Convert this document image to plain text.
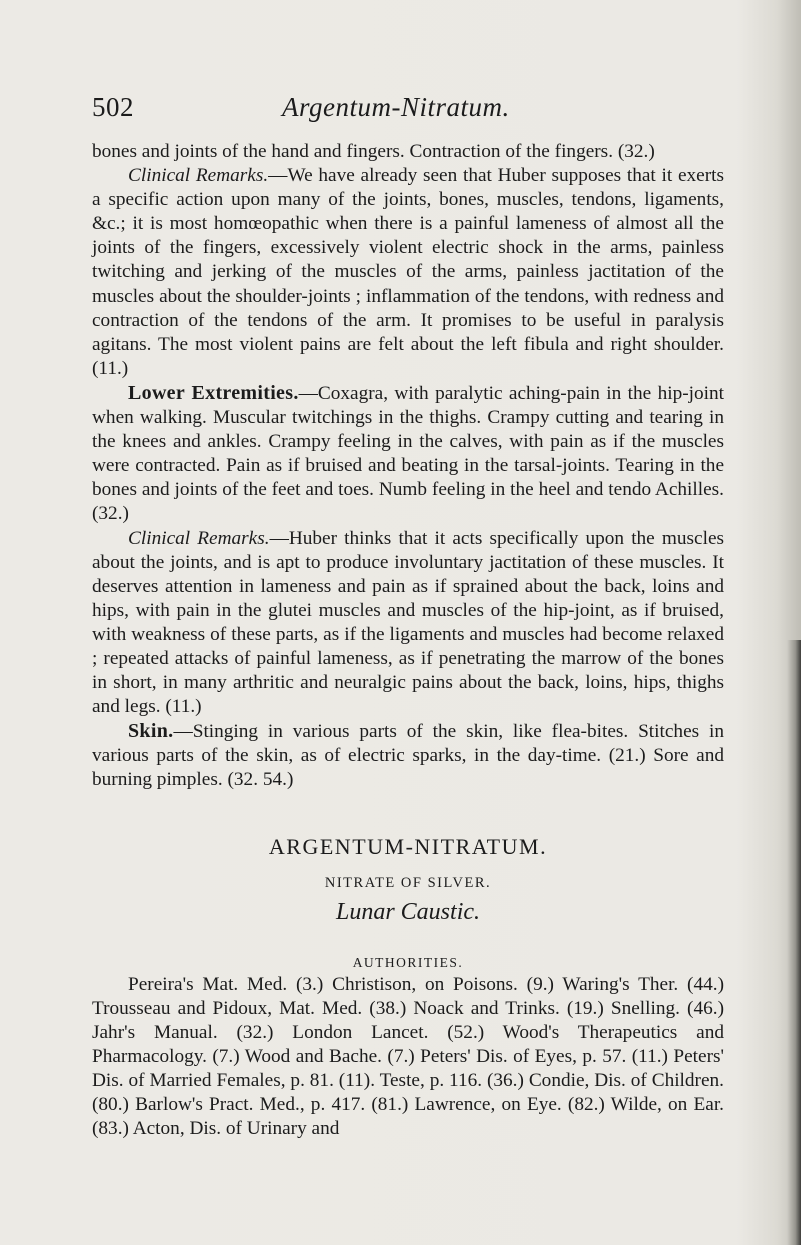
502	Argentum-Nitratum.

bones and joints of the hand and fingers. Contraction of the fingers. (32.)

Clinical Remarks.—We have already seen that Huber supposes that it exerts a specific action upon many of the joints, bones, muscles, tendons, ligaments, &c.; it is most homœopathic when there is a painful lameness of almost all the joints of the fingers, excessively violent electric shock in the arms, painless twitching and jerking of the muscles of the arms, painless jactitation of the muscles about the shoulder-joints ; inflammation of the tendons, with redness and contraction of the tendons of the arm. It promises to be useful in paralysis agitans. The most violent pains are felt about the left fibula and right shoulder. (11.)

Lower Extremities.—Coxagra, with paralytic aching-pain in the hip-joint when walking. Muscular twitchings in the thighs. Crampy cutting and tearing in the knees and ankles. Crampy feeling in the calves, with pain as if the muscles were contracted. Pain as if bruised and beating in the tarsal-joints. Tearing in the bones and joints of the feet and toes. Numb feeling in the heel and tendo Achilles. (32.)

Clinical Remarks.—Huber thinks that it acts specifically upon the muscles about the joints, and is apt to produce involuntary jactitation of these muscles. It deserves attention in lameness and pain as if sprained about the back, loins and hips, with pain in the glutei muscles and muscles of the hip-joint, as if bruised, with weakness of these parts, as if the ligaments and muscles had become relaxed ; repeated attacks of painful lameness, as if penetrating the marrow of the bones in short, in many arthritic and neuralgic pains about the back, loins, hips, thighs and legs. (11.)

Skin.—Stinging in various parts of the skin, like flea-bites. Stitches in various parts of the skin, as of electric sparks, in the day-time. (21.) Sore and burning pimples. (32. 54.)

ARGENTUM-NITRATUM.
NITRATE OF SILVER.
Lunar Caustic.
AUTHORITIES.

Pereira's Mat. Med. (3.) Christison, on Poisons. (9.) Waring's Ther. (44.) Trousseau and Pidoux, Mat. Med. (38.) Noack and Trinks. (19.) Snelling. (46.) Jahr's Manual. (32.) London Lancet. (52.) Wood's Therapeutics and Pharmacology. (7.) Wood and Bache. (7.) Peters' Dis. of Eyes, p. 57. (11.) Peters' Dis. of Married Females, p. 81. (11). Teste, p. 116. (36.) Condie, Dis. of Children. (80.) Barlow's Pract. Med., p. 417. (81.) Lawrence, on Eye. (82.) Wilde, on Ear. (83.) Acton, Dis. of Urinary and
